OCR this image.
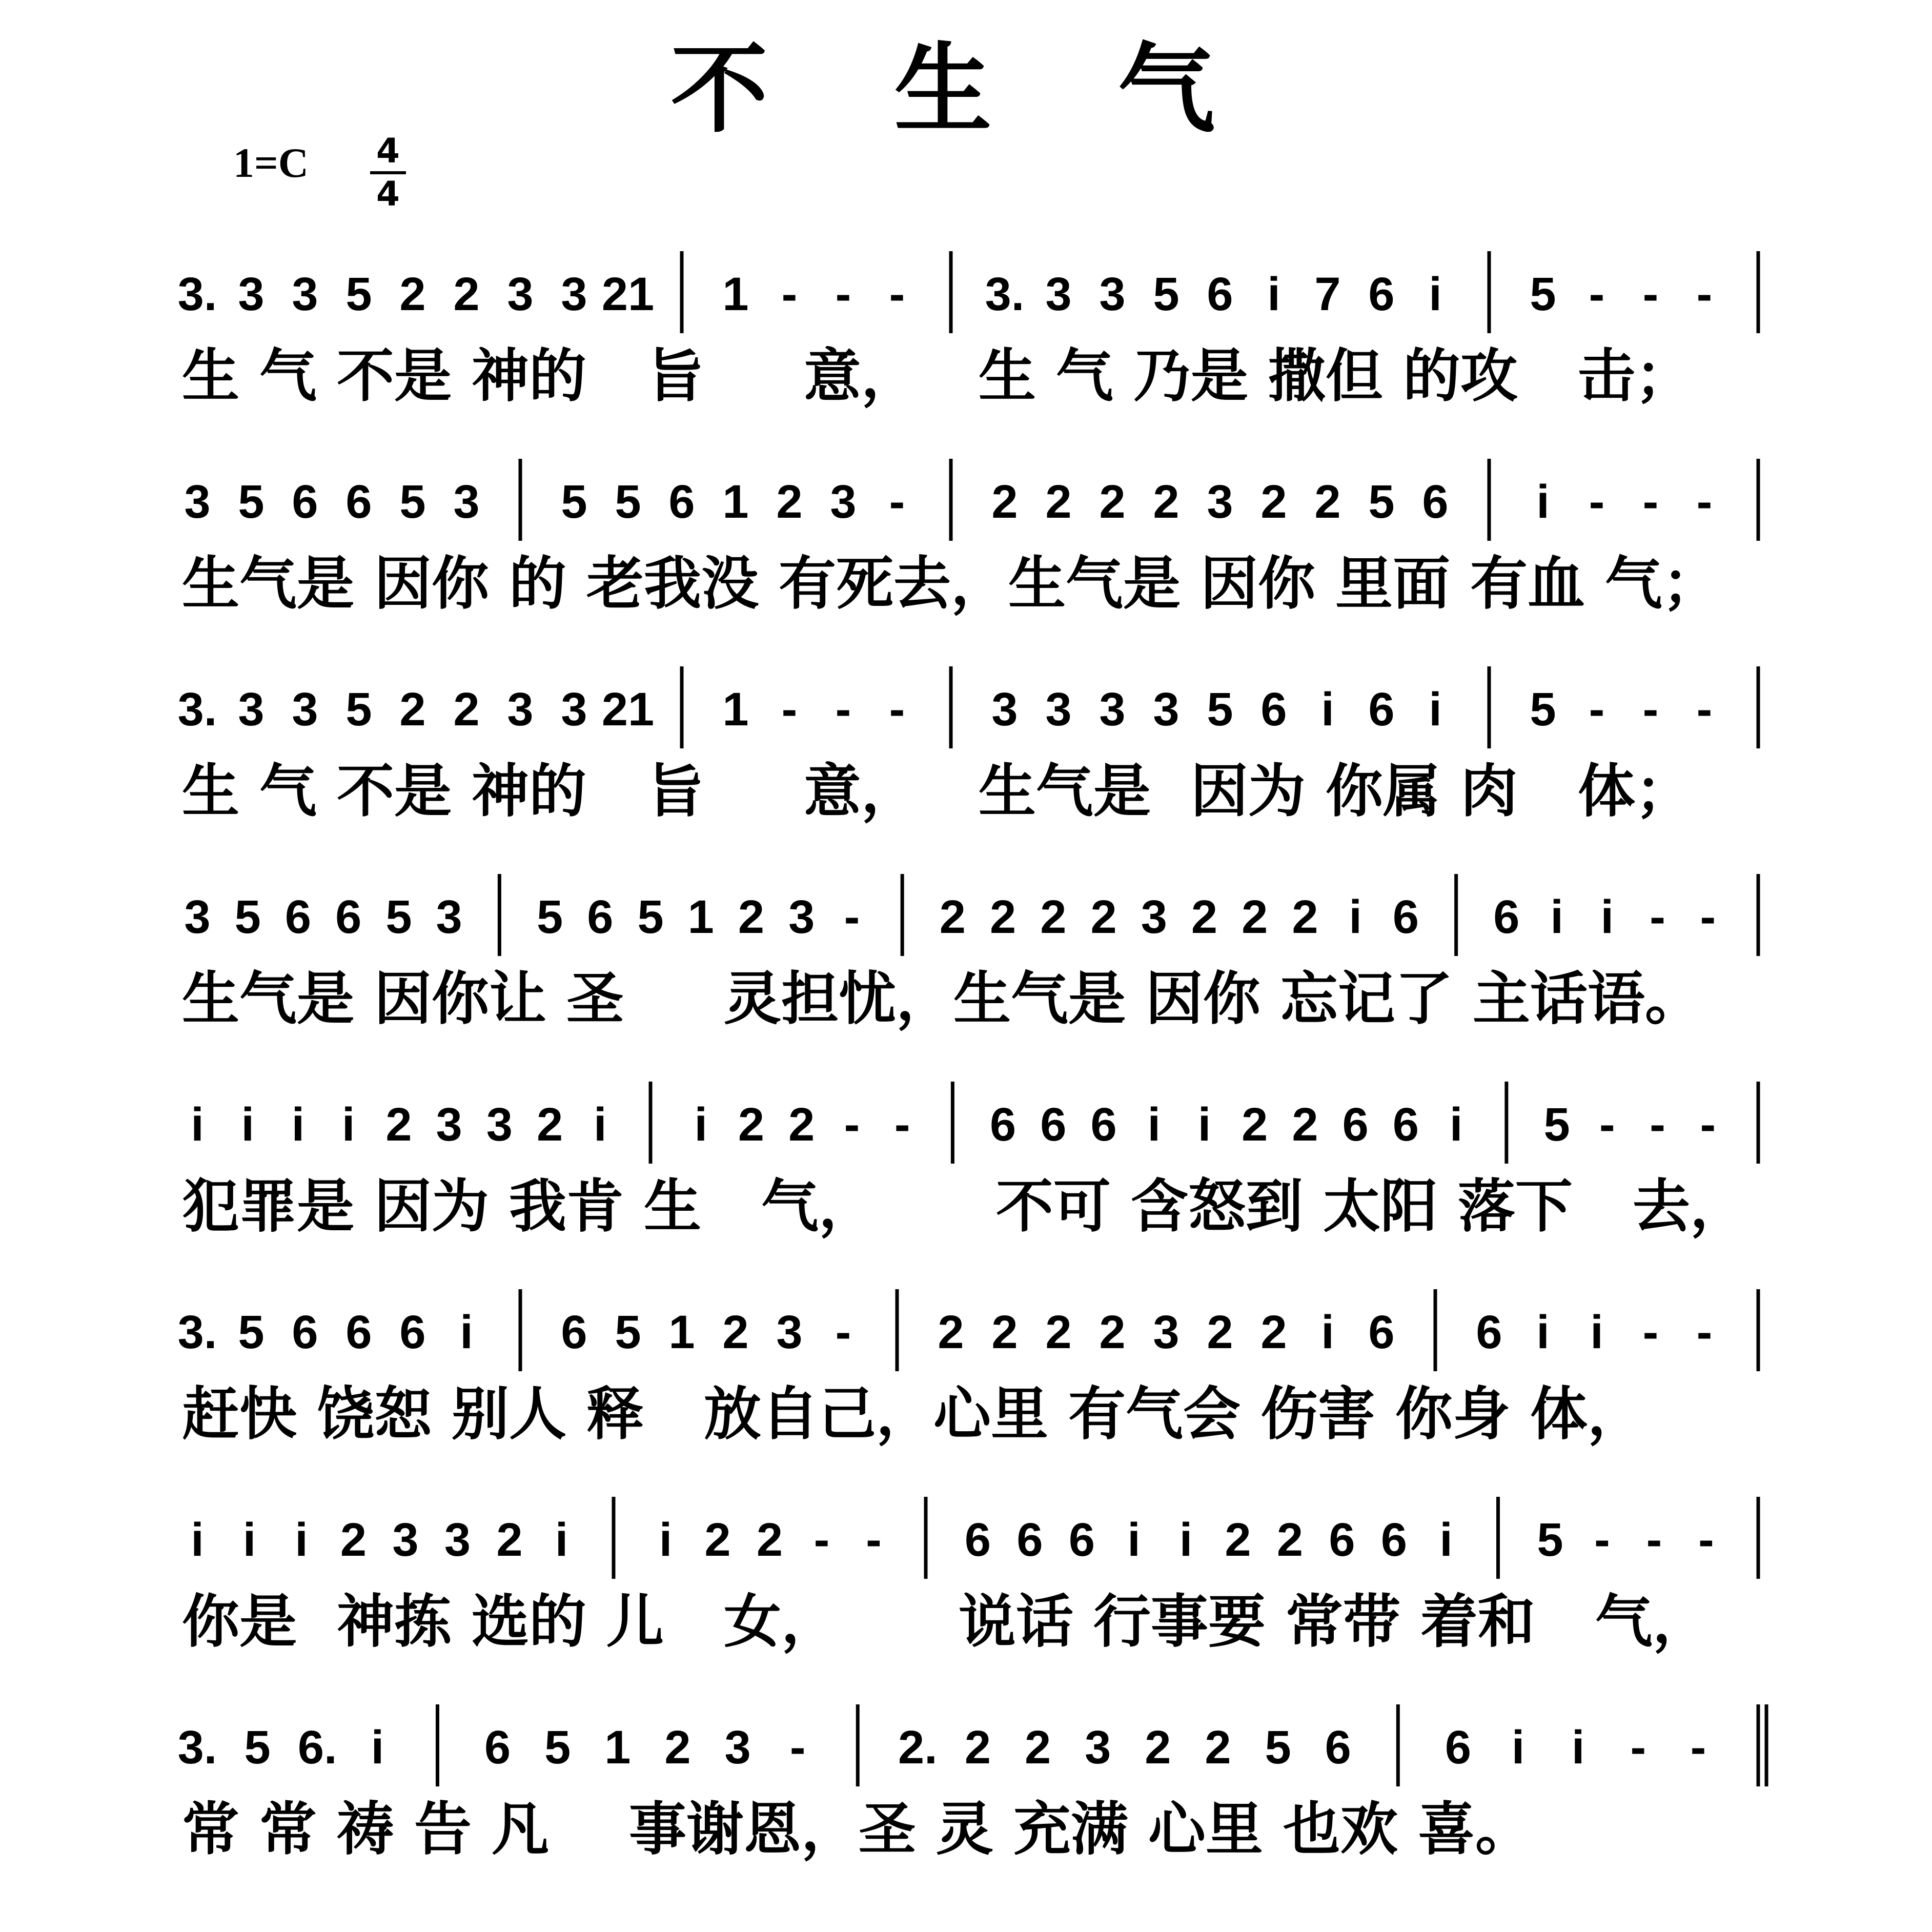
不 生 气
$1=C \frac{4}{4}$
3. 3 3 5 2 2 3 3 21 1 - - - 3. 3 3 5 6 i 7 6 i 5 - - -
3 5 6 6 5 3 5 5 6 1 2 3 - 2 2 2 2 3 2 2 5 6 i - - -
3. 3 3 5 2 2 3 3 21 1 - - - 3 3 3 3 5 6 i 6 i 5 - - -
3 5 6 6 5 3 5 6 5 1 2 3 - 2 2 2 2 3 2 2 2 i 6 6 i i - -
i i i i 2 3 3 2 i i 2 2 - - 6 6 6 i i 2 2 6 6 i 5 - - -
3. 5 6 6 6 i 6 5 1 2 3 - 2 2 2 2 3 2 2 i 6 6 i i - -
i i i 2 3 3 2 i i 2 2 - - 6 6 6 i i 2 2 6 6 i 5 - - -
3. 5 6. i 6 5 1 2 3 - 2. 2 2 3 2 2 5 6 6 i i - -
生 气 不是 神的   旨     意，   生 气 乃是 撒但 的攻   击；
生气是 因你 的 老我没 有死去，生气是 因你 里面 有血 气；
生 气 不是 神的   旨     意，   生气是  因为 你属 肉   体；
生气是 因你让 圣     灵担忧，生气是 因你 忘记了 主话语。
犯罪是 因为 我肯 生   气，      不可 含怒到 太阳 落下   去，
赶快 饶恕 别人 释   放自己，心里 有气会 伤害 你身 体，
你是  神拣 选的 儿   女，      说话 行事要 常带 着和   气，
常 常 祷 告 凡    事谢恩，圣 灵 充满 心里 也欢 喜。
